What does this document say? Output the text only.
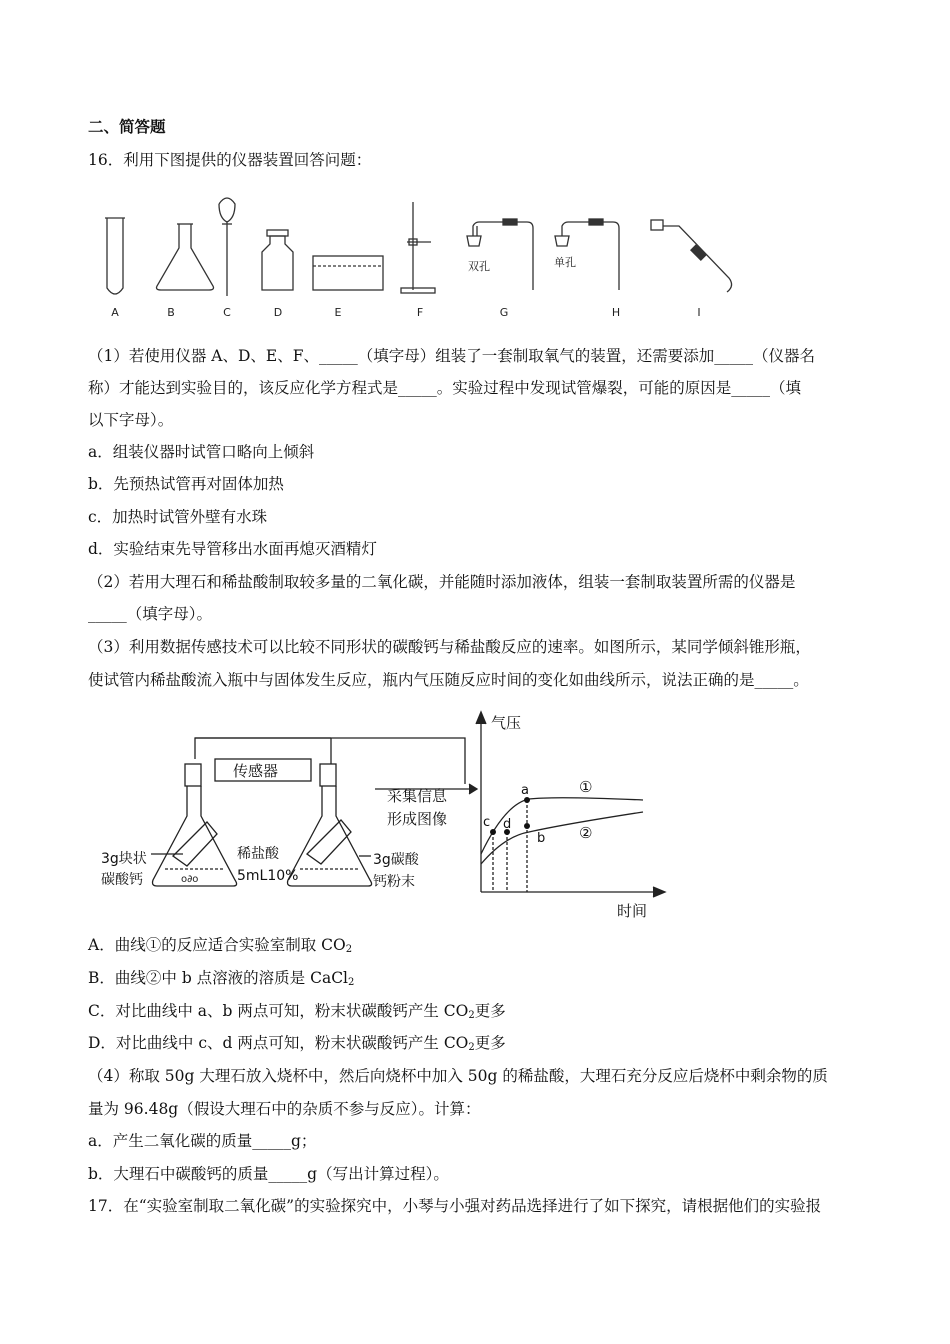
二、简答题
16．利用下图提供的仪器装置回答问题：
A	B	C	D	E	F	G	H	I
双孔	单孔
（1）若使用仪器 A、D、E、F、_____（填字母）组装了一套制取氧气的装置，还需要添加_____（仪器名
称）才能达到实验目的，该反应化学方程式是_____。实验过程中发现试管爆裂，可能的原因是_____（填
以下字母）。
a．组装仪器时试管口略向上倾斜
b．先预热试管再对固体加热
c．加热时试管外壁有水珠
d．实验结束先导管移出水面再熄灭酒精灯
（2）若用大理石和稀盐酸制取较多量的二氧化碳，并能随时添加液体，组装一套制取装置所需的仪器是
_____（填字母）。
（3）利用数据传感技术可以比较不同形状的碳酸钙与稀盐酸反应的速率。如图所示，某同学倾斜锥形瓶，
使试管内稀盐酸流入瓶中与固体发生反应，瓶内气压随反应时间的变化如曲线所示，说法正确的是_____。
o∂o
传感器
采集信息
形成图像
3g块状
碳酸钙
稀盐酸
5mL10%
3g碳酸
钙粉末
气压
时间
①
②
a
b
c d
A．曲线①的反应适合实验室制取 $CO_2$
B．曲线②中 b 点溶液的溶质是 CaCl$_2$
C．对比曲线中 a、b 两点可知，粉末状碳酸钙产生 $CO_2$更多
D．对比曲线中 c、d 两点可知，粉末状碳酸钙产生 $CO_2$更多
（4）称取 50g 大理石放入烧杯中，然后向烧杯中加入 50g 的稀盐酸，大理石充分反应后烧杯中剩余物的质
量为 96.48g（假设大理石中的杂质不参与反应）。计算：
a．产生二氧化碳的质量_____g；
b．大理石中碳酸钙的质量_____g（写出计算过程）。
17．在“实验室制取二氧化碳”的实验探究中，小琴与小强对药品选择进行了如下探究，请根据他们的实验报
